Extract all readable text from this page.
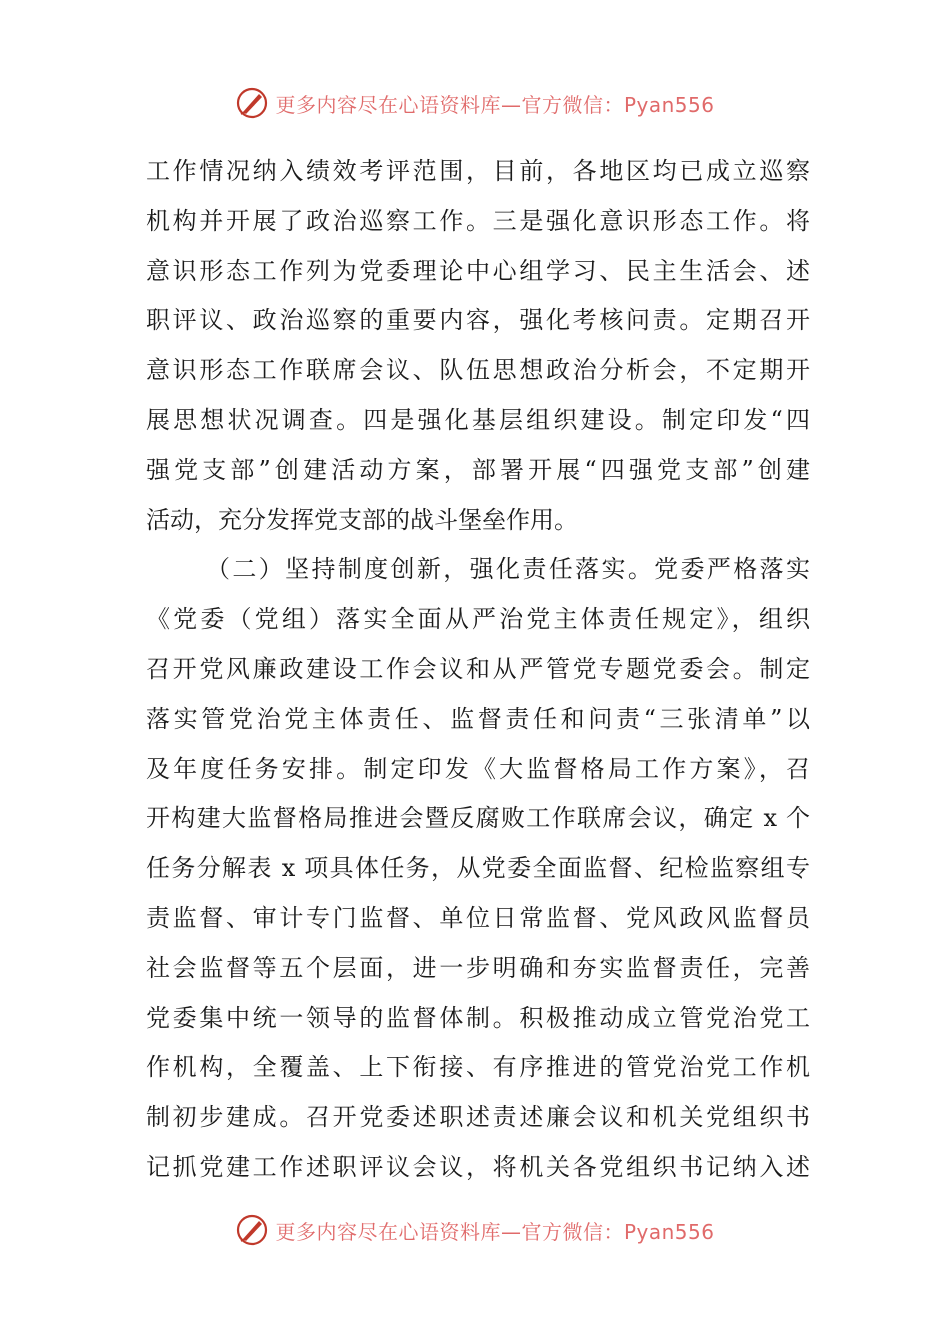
更多内容尽在心语资料库—官方微信：Pyan556
工作情况纳入绩效考评范围，目前，各地区均已成立巡察
机构并开展了政治巡察工作。三是强化意识形态工作。将
意识形态工作列为党委理论中心组学习、民主生活会、述
职评议、政治巡察的重要内容，强化考核问责。定期召开
意识形态工作联席会议、队伍思想政治分析会，不定期开
展思想状况调查。四是强化基层组织建设。制定印发“四
强党支部”创建活动方案，部署开展“四强党支部”创建
活动，充分发挥党支部的战斗堡垒作用。
（二）坚持制度创新，强化责任落实。党委严格落实
《党委（党组）落实全面从严治党主体责任规定》，组织
召开党风廉政建设工作会议和从严管党专题党委会。制定
落实管党治党主体责任、监督责任和问责“三张清单”以
及年度任务安排。制定印发《大监督格局工作方案》，召
开构建大监督格局推进会暨反腐败工作联席会议，确定 x 个
任务分解表 x 项具体任务，从党委全面监督、纪检监察组专
责监督、审计专门监督、单位日常监督、党风政风监督员
社会监督等五个层面，进一步明确和夯实监督责任，完善
党委集中统一领导的监督体制。积极推动成立管党治党工
作机构，全覆盖、上下衔接、有序推进的管党治党工作机
制初步建成。召开党委述职述责述廉会议和机关党组织书
记抓党建工作述职评议会议，将机关各党组织书记纳入述
更多内容尽在心语资料库—官方微信：Pyan556
